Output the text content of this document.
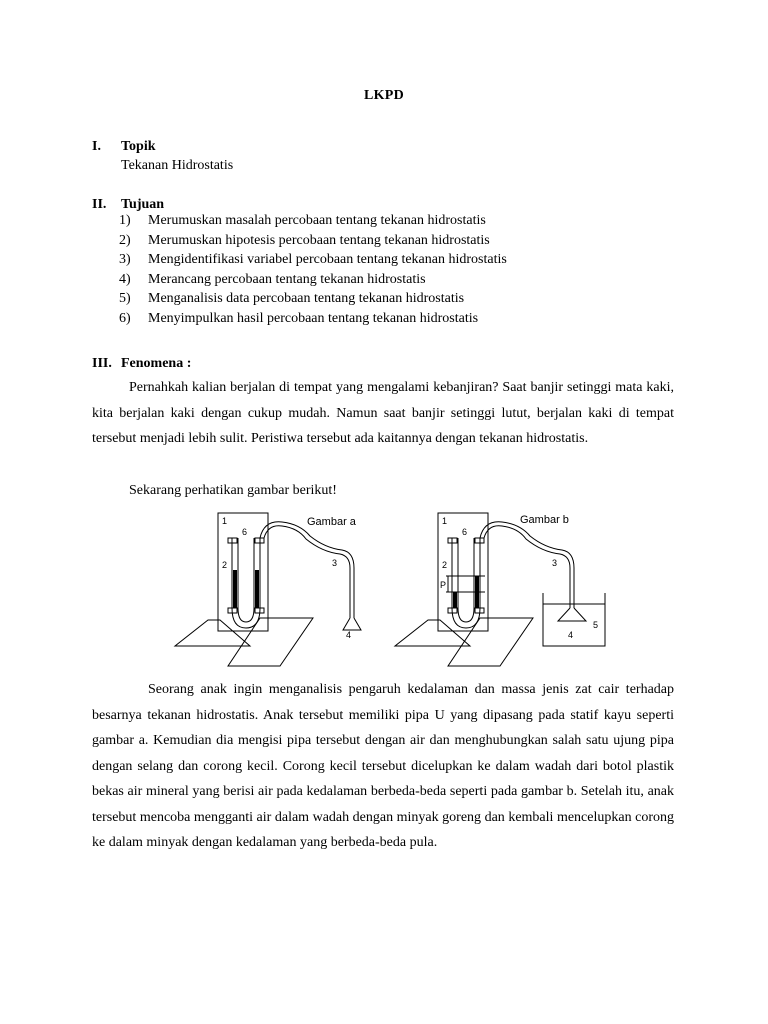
LKPD
I. Topik
Tekanan Hidrostatis
II. Tujuan
1) Merumuskan masalah percobaan tentang tekanan hidrostatis
2) Merumuskan hipotesis percobaan tentang tekanan hidrostatis
3) Mengidentifikasi variabel percobaan tentang tekanan hidrostatis
4) Merancang percobaan tentang tekanan hidrostatis
5) Menganalisis data percobaan tentang tekanan hidrostatis
6) Menyimpulkan hasil percobaan tentang tekanan hidrostatis
III. Fenomena :

Pernahkah kalian berjalan di tempat yang mengalami kebanjiran? Saat banjir setinggi mata kaki, kita berjalan kaki dengan cukup mudah. Namun saat banjir setinggi lutut, berjalan kaki di tempat tersebut menjadi lebih sulit. Peristiwa tersebut ada kaitannya dengan tekanan hidrostatis.

Sekarang perhatikan gambar berikut!

1
6
2	3
4
Gambar a	1
6
2
P
3
4
5
Gambar b

Seorang anak ingin menganalisis pengaruh kedalaman dan massa jenis zat cair terhadap besarnya tekanan hidrostatis. Anak tersebut memiliki pipa U yang dipasang pada statif kayu seperti gambar a. Kemudian dia mengisi pipa tersebut dengan air dan menghubungkan salah satu ujung pipa dengan selang dan corong kecil. Corong kecil tersebut dicelupkan ke dalam wadah dari botol plastik bekas air mineral yang berisi air pada kedalaman berbeda-beda seperti pada gambar b. Setelah itu, anak tersebut mencoba mengganti air dalam wadah dengan minyak goreng dan kembali mencelupkan corong ke dalam minyak dengan kedalaman yang berbeda-beda pula.
